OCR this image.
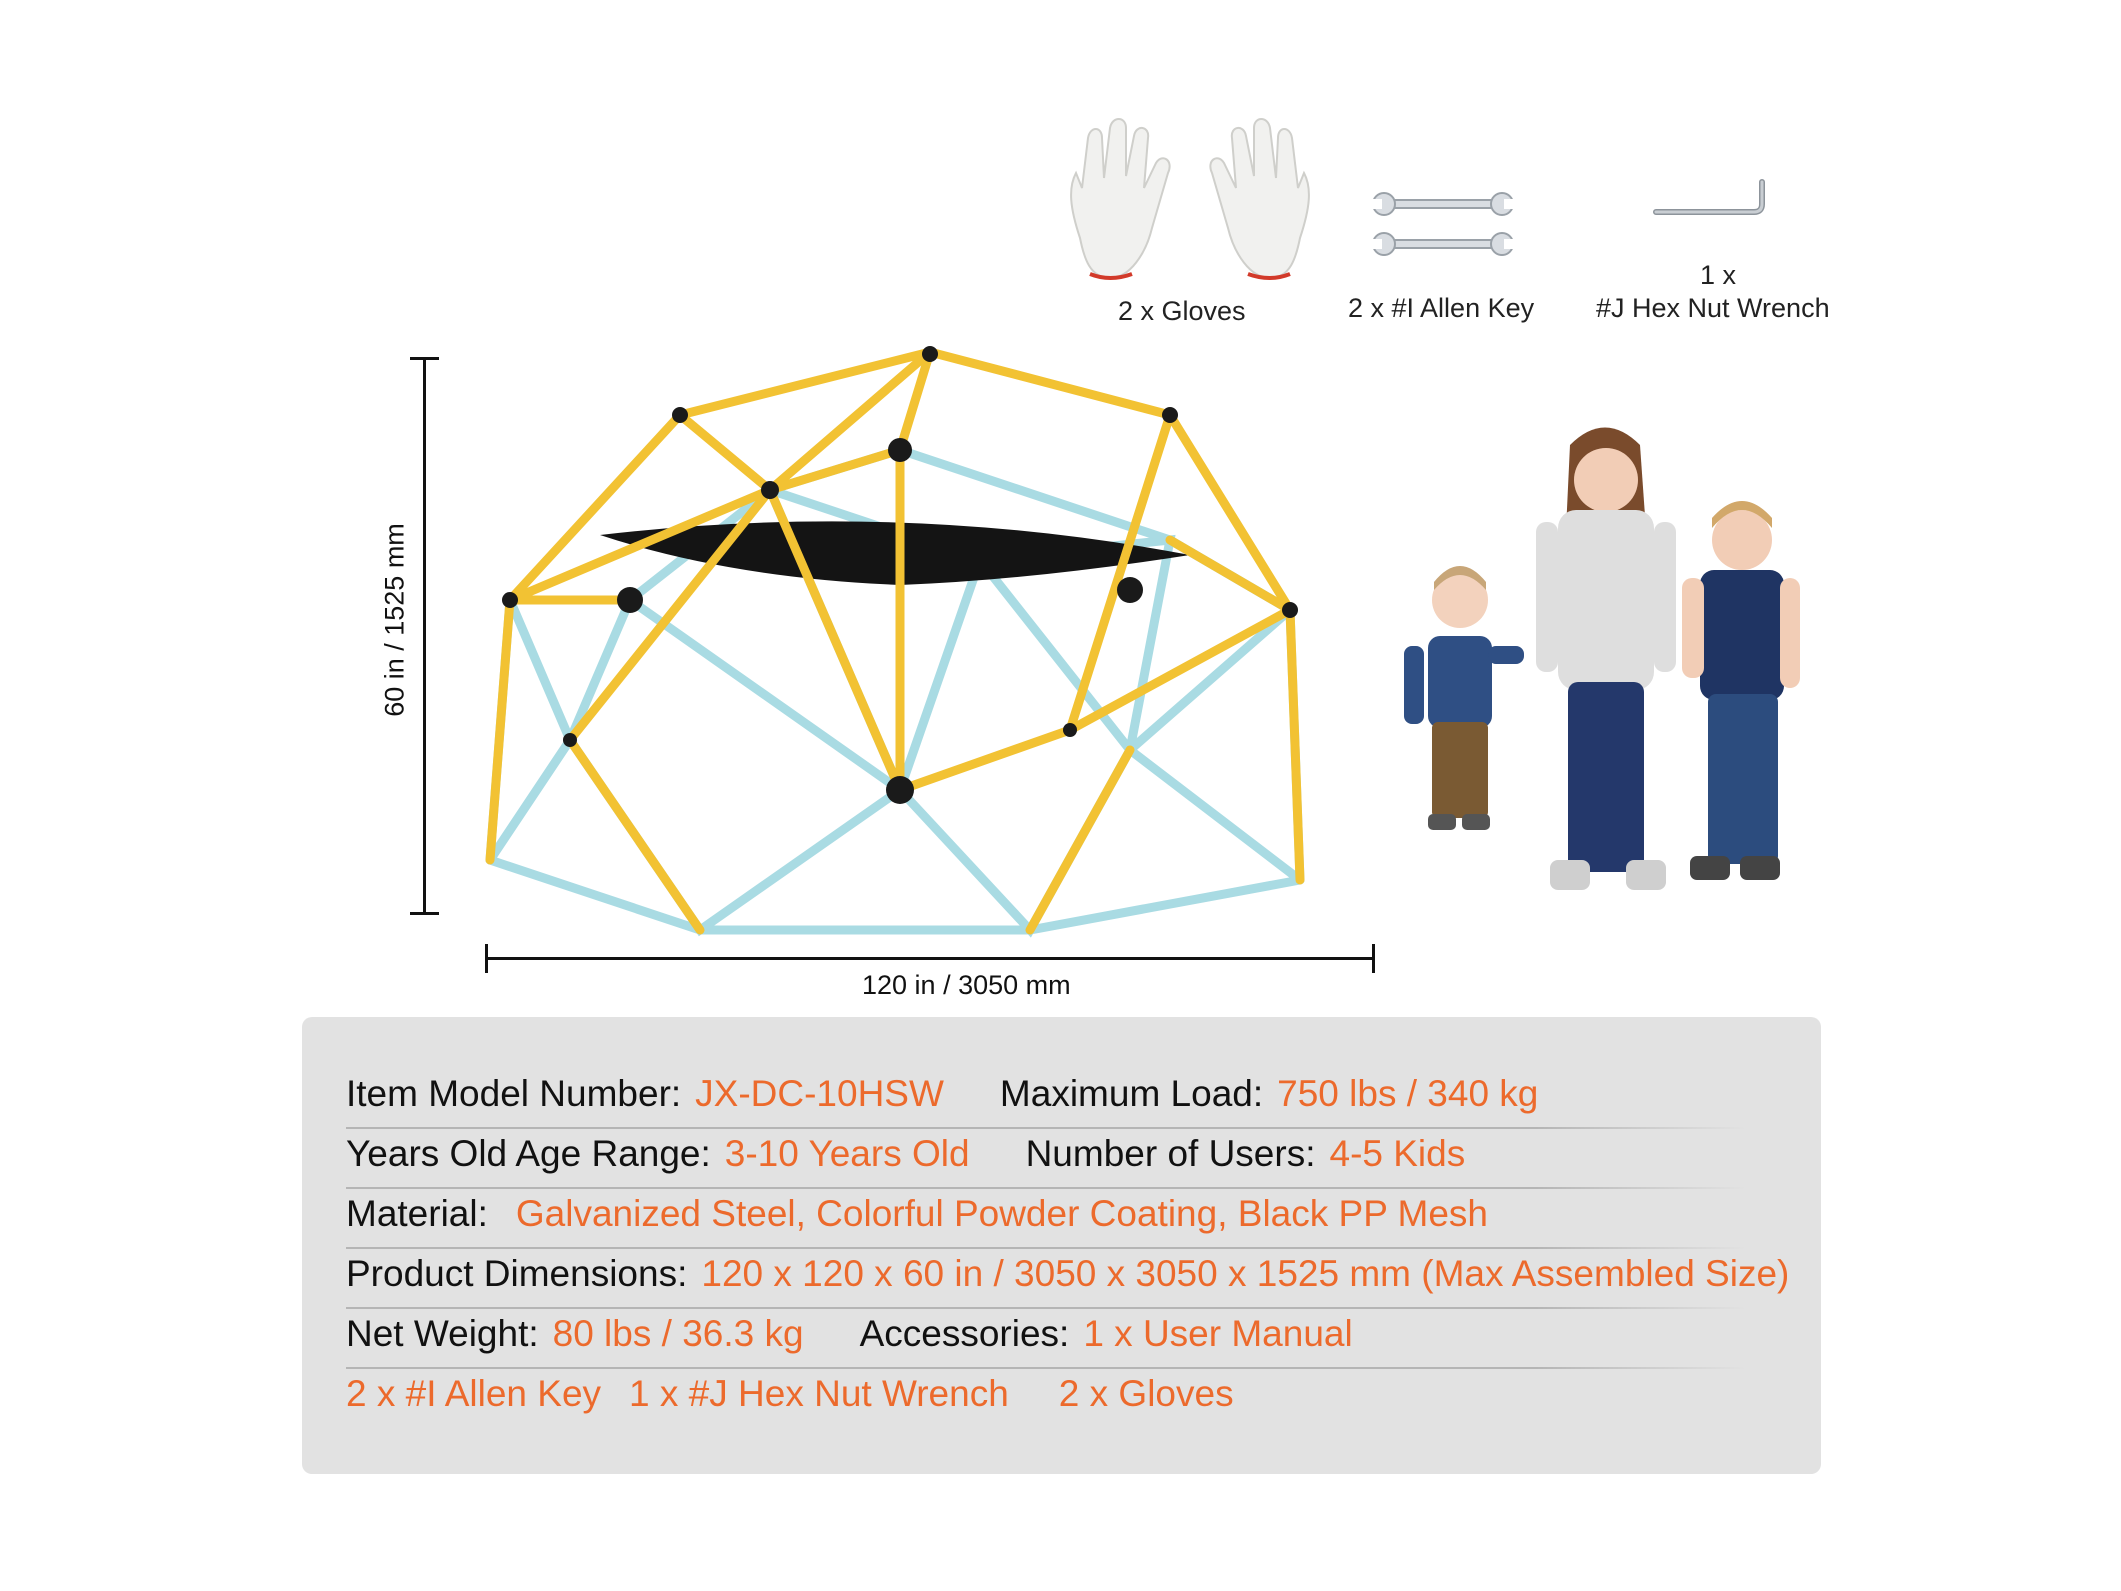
2 x Gloves	2 x #I Allen Key
1 x
#J Hex Nut Wrench
60 in / 1525 mm
120 in / 3050 mm
Item Model Number: JX-DC-10HSW Maximum Load: 750 lbs / 340 kg
Years Old Age Range: 3-10 Years Old Number of Users: 4-5 Kids
Material: Galvanized Steel, Colorful Powder Coating, Black PP Mesh
Product Dimensions: 120 x 120 x 60 in / 3050 x 3050 x 1525 mm (Max Assembled Size)
Net Weight: 80 lbs / 36.3 kg Accessories: 1 x User Manual
2 x #I Allen Key 1 x #J Hex Nut Wrench 2 x Gloves
